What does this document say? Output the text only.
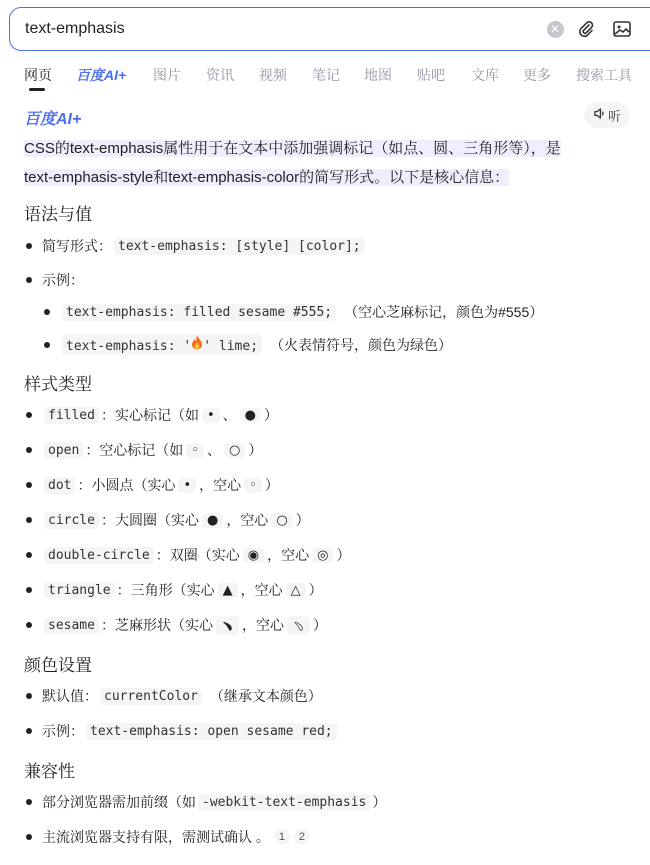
text-emphasis	✕
网页 百度AI+ 图片 资讯 视频 笔记 地图 贴吧 文库 更多 搜索工具
百度AI+	听
CSS的text-emphasis属性用于在文本中添加强调标记（如点、圆、三角形等），是
text-emphasis-style和text-emphasis-color的简写形式。以下是核心信息：
语法与值
简写形式： text-emphasis: [style] [color];
示例：
text-emphasis: filled sesame #555; （空心芝麻标记，颜色为#555）
text-emphasis: ' ' lime; （火表情符号，颜色为绿色）
样式类型
filled ：实心标记（如 • 、 ● ）
open ：空心标记（如 ◦ 、 ○ ）
dot ：小圆点（实心 • ，空心 ◦ ）
circle ：大圆圈（实心 ● ，空心 ○ ）
double-circle ：双圈（实心 ◉ ，空心 ◎ ）
triangle ：三角形（实心 ▲ ，空心 △ ）
sesame ：芝麻形状（实心 ﹅ ，空心 ﹆ ）
颜色设置
默认值： currentColor （继承文本颜色）
示例： text-emphasis: open sesame red;
兼容性
部分浏览器需加前缀（如 -webkit-text-emphasis ）
主流浏览器支持有限，需测试确认 。 1	2
